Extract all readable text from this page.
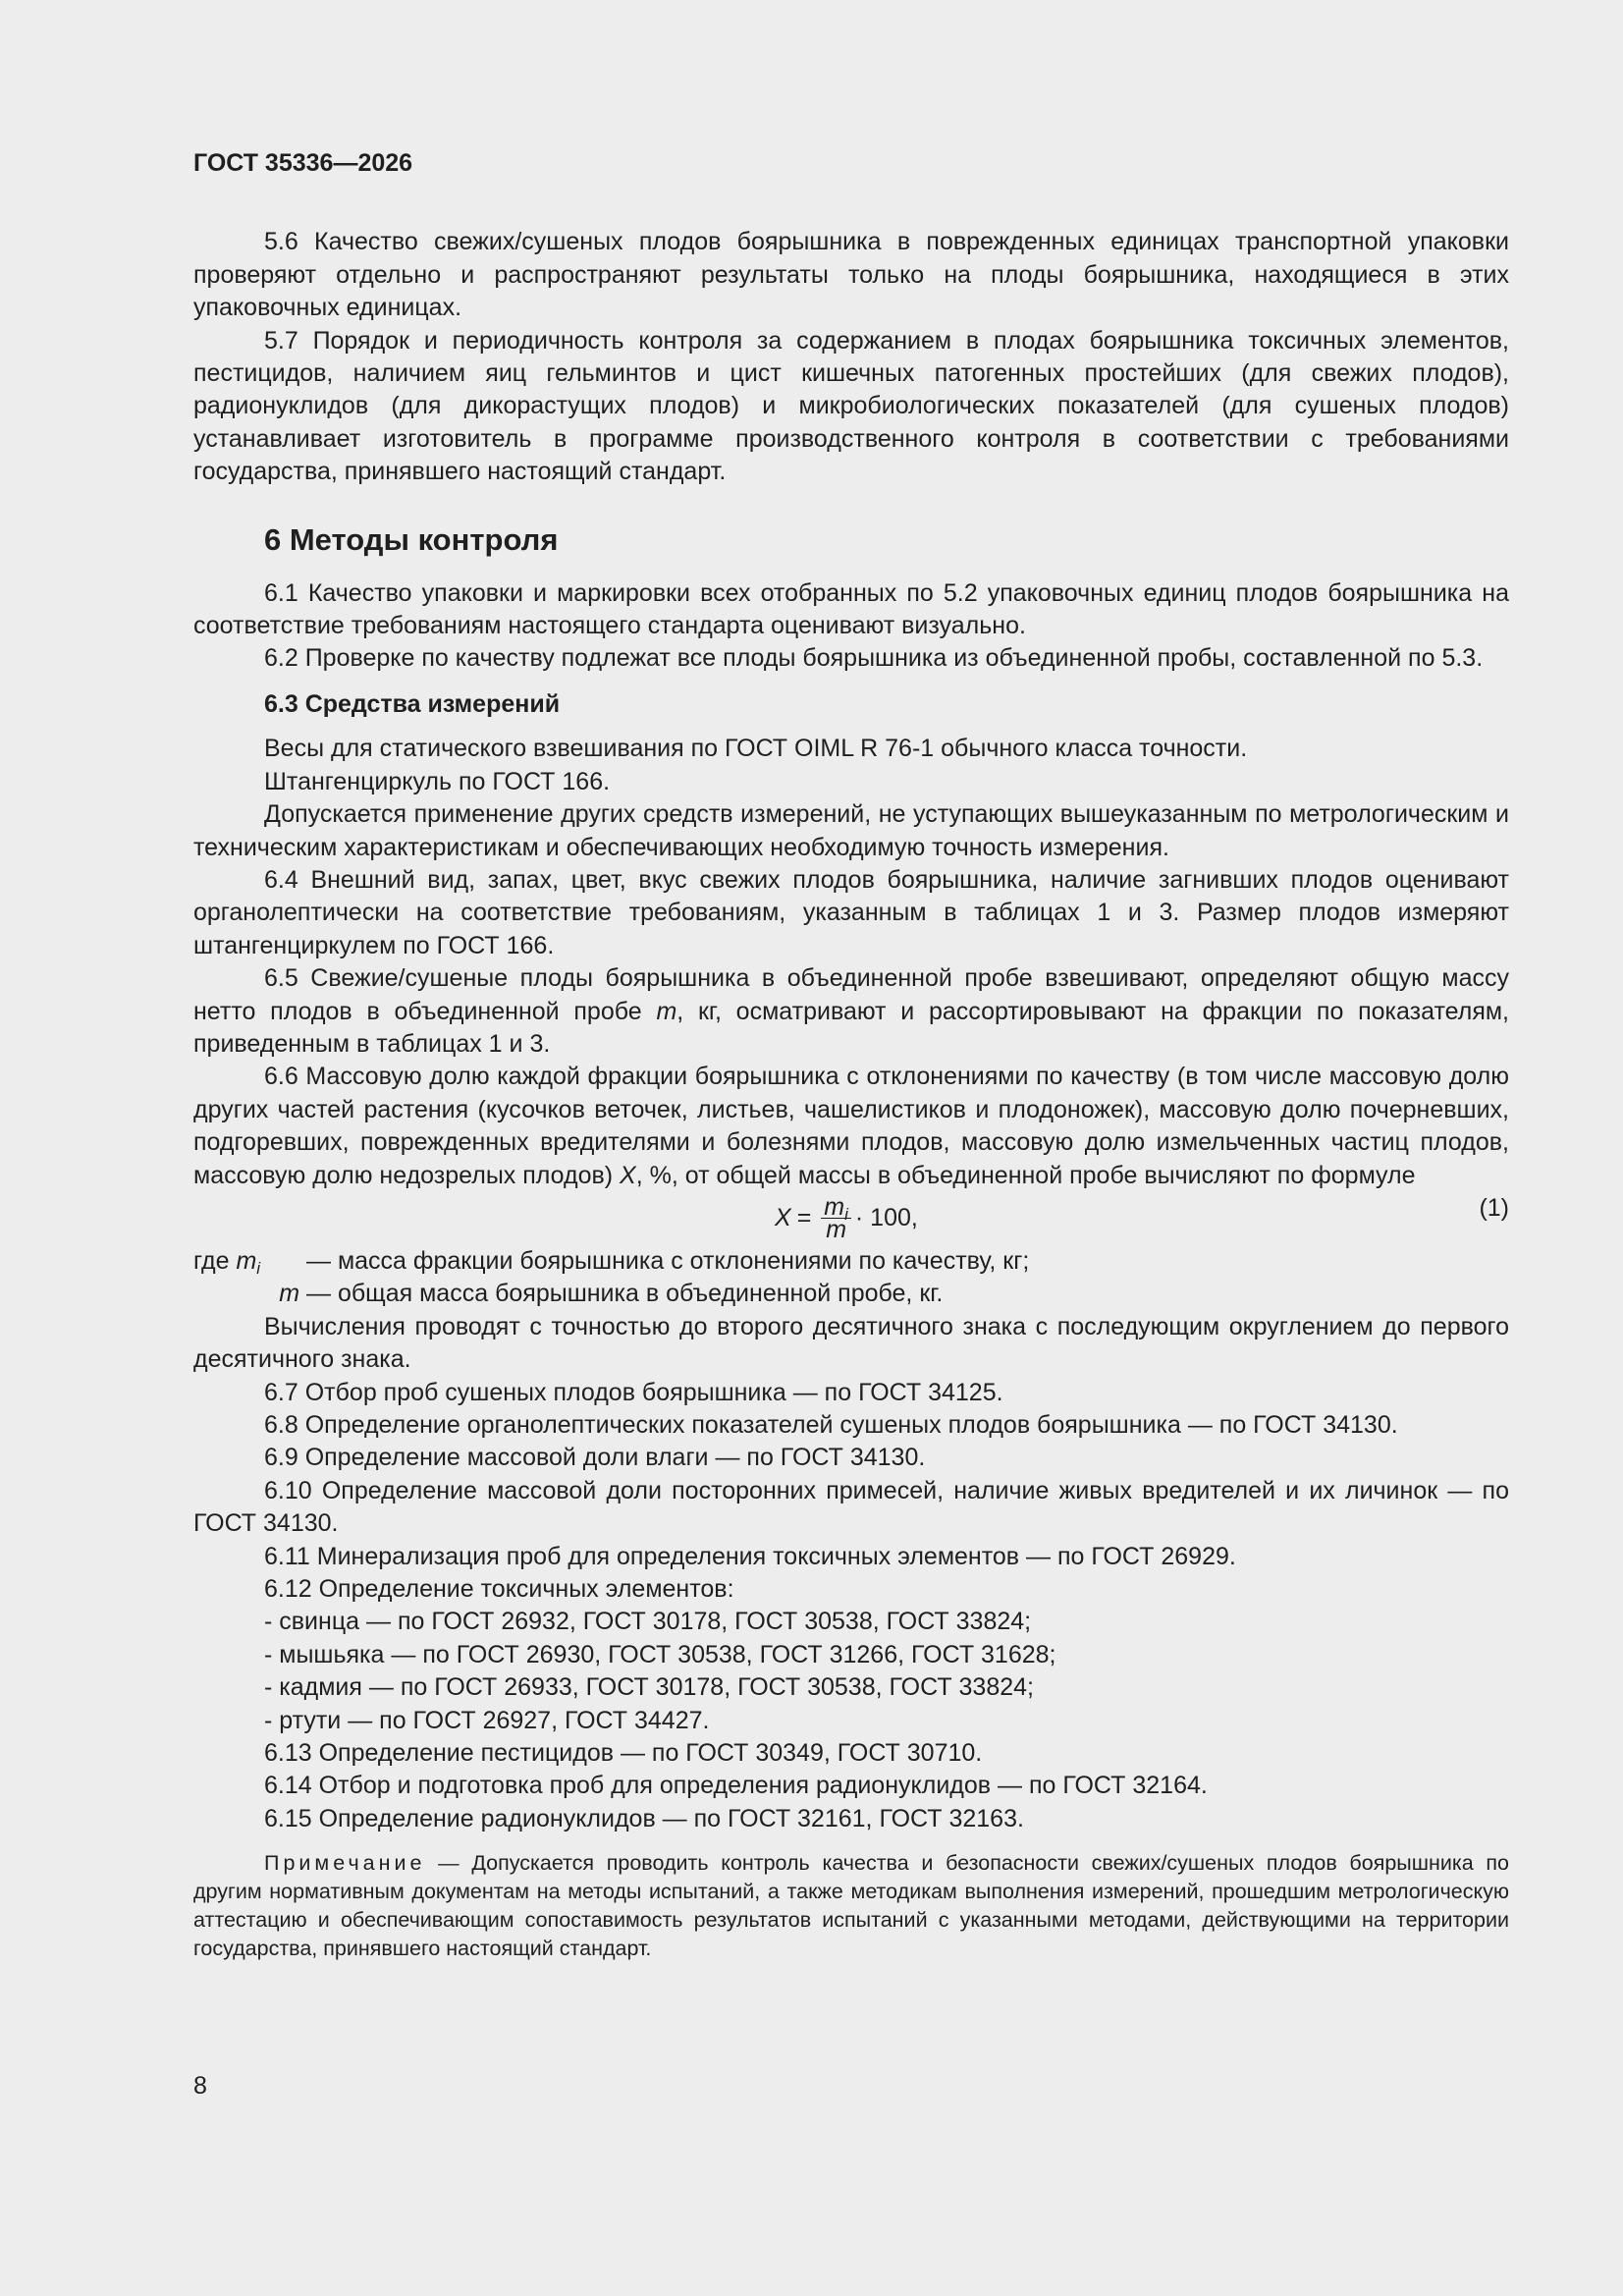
ГОСТ 35336—2026

5.6 Качество свежих/сушеных плодов боярышника в поврежденных единицах транспортной упаковки проверяют отдельно и распространяют результаты только на плоды боярышника, находящиеся в этих упаковочных единицах.

5.7 Порядок и периодичность контроля за содержанием в плодах боярышника токсичных элементов, пестицидов, наличием яиц гельминтов и цист кишечных патогенных простейших (для свежих плодов), радионуклидов (для дикорастущих плодов) и микробиологических показателей (для сушеных плодов) устанавливает изготовитель в программе производственного контроля в соответствии с требованиями государства, принявшего настоящий стандарт.

6 Методы контроля

6.1 Качество упаковки и маркировки всех отобранных по 5.2 упаковочных единиц плодов боярышника на соответствие требованиям настоящего стандарта оценивают визуально.

6.2 Проверке по качеству подлежат все плоды боярышника из объединенной пробы, составленной по 5.3.

6.3 Средства измерений

Весы для статического взвешивания по ГОСТ OIML R 76-1 обычного класса точности.

Штангенциркуль по ГОСТ 166.

Допускается применение других средств измерений, не уступающих вышеуказанным по метрологическим и техническим характеристикам и обеспечивающих необходимую точность измерения.

6.4 Внешний вид, запах, цвет, вкус свежих плодов боярышника, наличие загнивших плодов оценивают органолептически на соответствие требованиям, указанным в таблицах 1 и 3. Размер плодов измеряют штангенциркулем по ГОСТ 166.

6.5 Свежие/сушеные плоды боярышника в объединенной пробе взвешивают, определяют общую массу нетто плодов в объединенной пробе m, кг, осматривают и рассортировывают на фракции по показателям, приведенным в таблицах 1 и 3.

6.6 Массовую долю каждой фракции боярышника с отклонениями по качеству (в том числе массовую долю других частей растения (кусочков веточек, листьев, чашелистиков и плодоножек), массовую долю почерневших, подгоревших, поврежденных вредителями и болезнями плодов, массовую долю измельченных частиц плодов, массовую долю недозрелых плодов) X, %, от общей массы в объединенной пробе вычисляют по формуле

$X = \frac{m_i}{m} \cdot 100$,	(1)
где $m_i$	— масса фракции боярышника с отклонениями по качеству, кг;
m — общая масса боярышника в объединенной пробе, кг.

Вычисления проводят с точностью до второго десятичного знака с последующим округлением до первого десятичного знака.

6.7 Отбор проб сушеных плодов боярышника — по ГОСТ 34125.

6.8 Определение органолептических показателей сушеных плодов боярышника — по ГОСТ 34130.

6.9 Определение массовой доли влаги — по ГОСТ 34130.

6.10 Определение массовой доли посторонних примесей, наличие живых вредителей и их личинок — по ГОСТ 34130.

6.11 Минерализация проб для определения токсичных элементов — по ГОСТ 26929.

6.12 Определение токсичных элементов:

- свинца — по ГОСТ 26932, ГОСТ 30178, ГОСТ 30538, ГОСТ 33824;
- мышьяка — по ГОСТ 26930, ГОСТ 30538, ГОСТ 31266, ГОСТ 31628;
- кадмия — по ГОСТ 26933, ГОСТ 30178, ГОСТ 30538, ГОСТ 33824;
- ртути — по ГОСТ 26927, ГОСТ 34427.

6.13 Определение пестицидов — по ГОСТ 30349, ГОСТ 30710.

6.14 Отбор и подготовка проб для определения радионуклидов — по ГОСТ 32164.

6.15 Определение радионуклидов — по ГОСТ 32161, ГОСТ 32163.

Примечание — Допускается проводить контроль качества и безопасности свежих/сушеных плодов боярышника по другим нормативным документам на методы испытаний, а также методикам выполнения измерений, прошедшим метрологическую аттестацию и обеспечивающим сопоставимость результатов испытаний с указанными методами, действующими на территории государства, принявшего настоящий стандарт.
8
